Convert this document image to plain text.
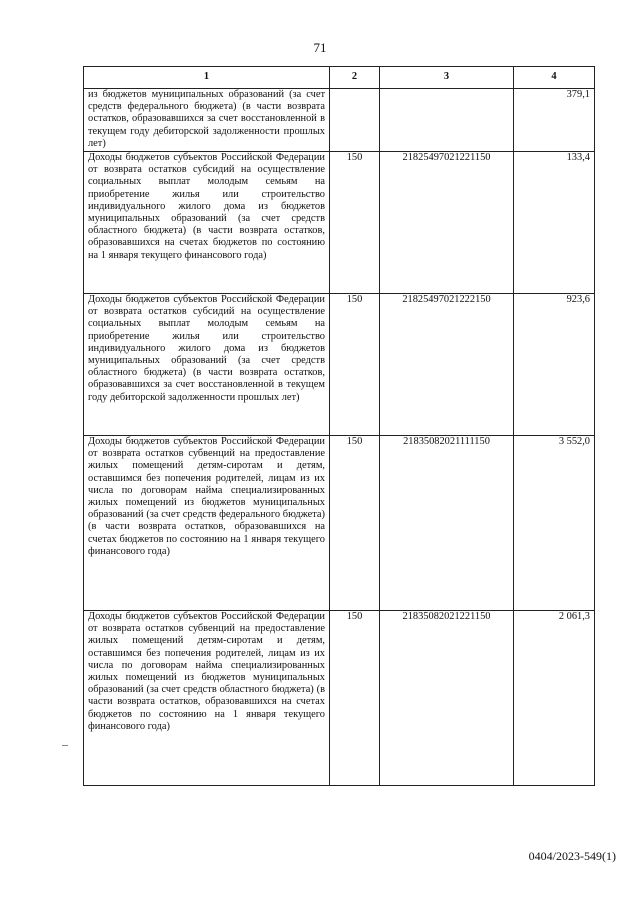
71
1	2	3	4
из бюджетов муниципальных образований (за счет средств федерального бюджета) (в части возврата остатков, образовавшихся за счет восстановленной в текущем году дебиторской задолженности прошлых лет)			379,1
Доходы бюджетов субъектов Российской Федерации от возврата остатков субсидий на осуществление социальных выплат молодым семьям на приобретение жилья или строительство индивидуального жилого дома из бюджетов муниципальных образований (за счет средств областного бюджета) (в части возврата остатков, образовавшихся на счетах бюджетов по состоянию на 1 января текущего финансового года)	150	21825497021221150	133,4
Доходы бюджетов субъектов Российской Федерации от возврата остатков субсидий на осуществление социальных выплат молодым семьям на приобретение жилья или строительство индивидуального жилого дома из бюджетов муниципальных образований (за счет средств областного бюджета) (в части возврата остатков, образовавшихся за счет восстановленной в текущем году дебиторской задолженности прошлых лет)	150	21825497021222150	923,6
Доходы бюджетов субъектов Российской Федерации от возврата остатков субвенций на предоставление жилых помещений детям-сиротам и детям, оставшимся без попечения родителей, лицам из их числа по договорам найма специализированных жилых помещений из бюджетов муниципальных образований (за счет средств федерального бюджета) (в части возврата остатков, образовавшихся на счетах бюджетов по состоянию на 1 января текущего финансового года)	150	21835082021111150	3 552,0
Доходы бюджетов субъектов Российской Федерации от возврата остатков субвенций на предоставление жилых помещений детям-сиротам и детям, оставшимся без попечения родителей, лицам из их числа по договорам найма специализированных жилых помещений из бюджетов муниципальных образований (за счет средств областного бюджета) (в части возврата остатков, образовавшихся на счетах бюджетов по состоянию на 1 января текущего финансового года)	150	21835082021221150	2 061,3
0404/2023-549(1)
